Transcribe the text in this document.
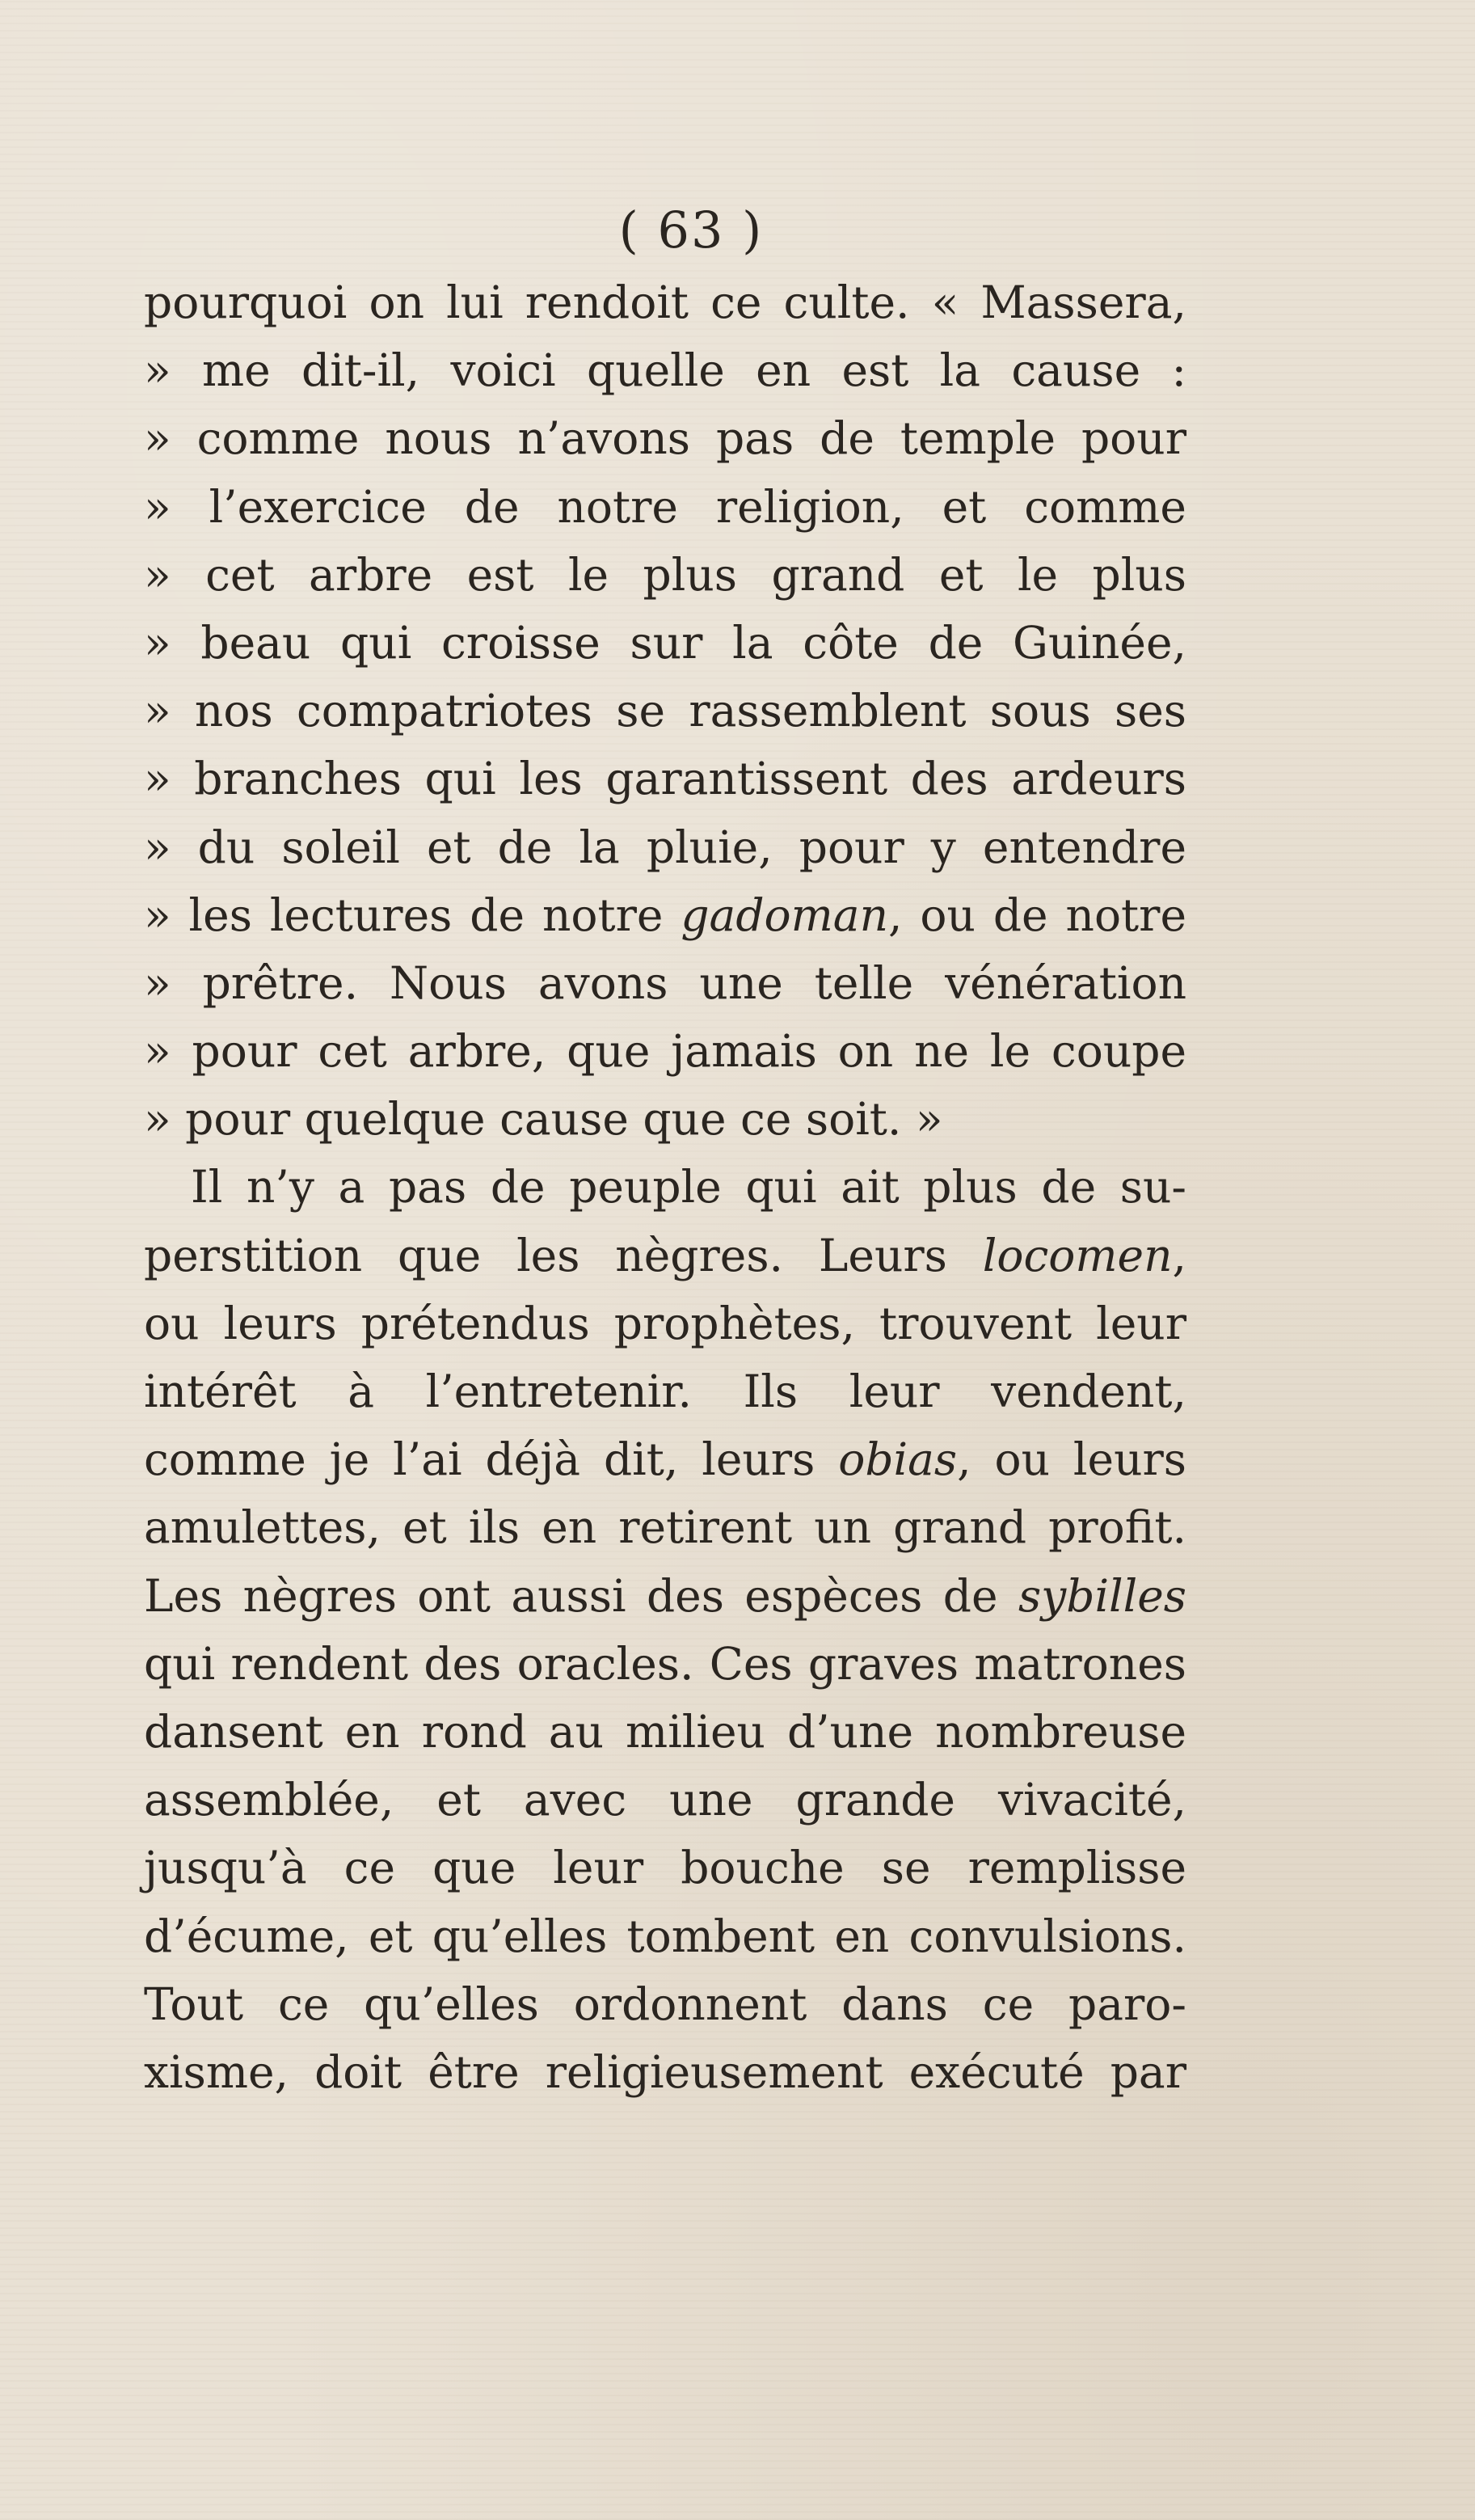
( 63 )
pourquoi on lui rendoit ce culte. « Massera,
» me dit-il, voici quelle en est la cause :
» comme nous n’avons pas de temple pour
» l’exercice de notre religion, et comme
» cet arbre est le plus grand et le plus
» beau qui croisse sur la côte de Guinée,
» nos compatriotes se rassemblent sous ses
» branches qui les garantissent des ardeurs
» du soleil et de la pluie, pour y entendre
» les lectures de notre gadoman, ou de notre
» prêtre. Nous avons une telle vénération
» pour cet arbre, que jamais on ne le coupe
» pour quelque cause que ce soit. »
Il n’y a pas de peuple qui ait plus de su-
perstition que les nègres. Leurs locomen,
ou leurs prétendus prophètes, trouvent leur
intérêt à l’entretenir. Ils leur vendent,
comme je l’ai déjà dit, leurs obias, ou leurs
amulettes, et ils en retirent un grand profit.
Les nègres ont aussi des espèces de sybilles
qui rendent des oracles. Ces graves matrones
dansent en rond au milieu d’une nombreuse
assemblée, et avec une grande vivacité,
jusqu’à ce que leur bouche se remplisse
d’écume, et qu’elles tombent en convulsions.
Tout ce qu’elles ordonnent dans ce paro-
xisme, doit être religieusement exécuté par
